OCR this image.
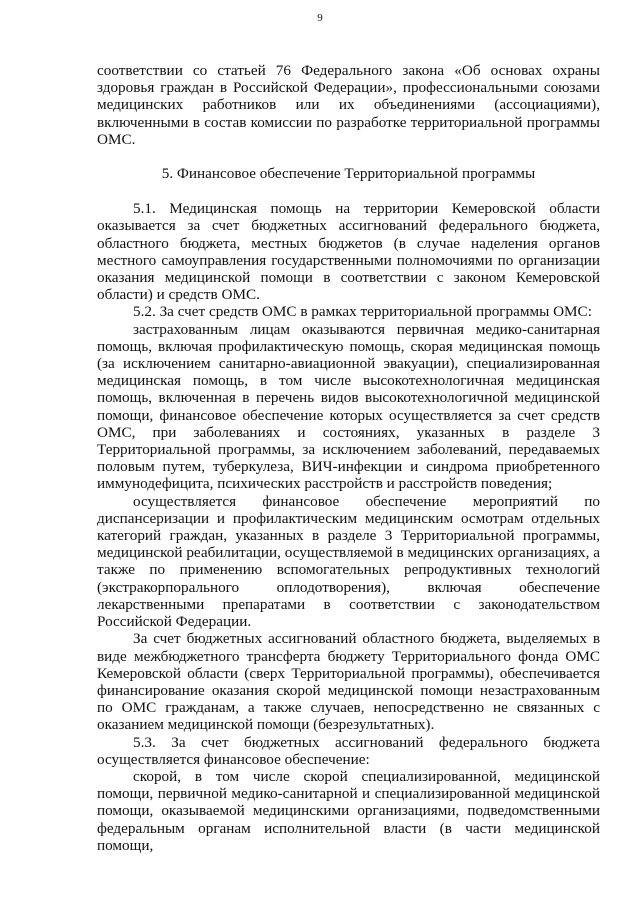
9

соответствии со статьей 76 Федерального закона «Об основах охраны здоровья граждан в Российской Федерации», профессиональными союзами медицинских работников или их объединениями (ассоциациями), включенными в состав комиссии по разработке территориальной программы ОМС.

5. Финансовое обеспечение Территориальной программы

5.1. Медицинская помощь на территории Кемеровской области оказывается за счет бюджетных ассигнований федерального бюджета, областного бюджета, местных бюджетов (в случае наделения органов местного самоуправления государственными полномочиями по организации оказания медицинской помощи в соответствии с законом Кемеровской области) и средств ОМС.

5.2. За счет средств ОМС в рамках территориальной программы ОМС:

застрахованным лицам оказываются первичная медико-санитарная помощь, включая профилактическую помощь, скорая медицинская помощь (за исключением санитарно-авиационной эвакуации), специализированная медицинская помощь, в том числе высокотехнологичная медицинская помощь, включенная в перечень видов высокотехнологичной медицинской помощи, финансовое обеспечение которых осуществляется за счет средств ОМС, при заболеваниях и состояниях, указанных в разделе 3 Территориальной программы, за исключением заболеваний, передаваемых половым путем, туберкулеза, ВИЧ-инфекции и синдрома приобретенного иммунодефицита, психических расстройств и расстройств поведения;

осуществляется финансовое обеспечение мероприятий по диспансеризации и профилактическим медицинским осмотрам отдельных категорий граждан, указанных в разделе 3 Территориальной программы, медицинской реабилитации, осуществляемой в медицинских организациях, а также по применению вспомогательных репродуктивных технологий (экстракорпорального оплодотворения), включая обеспечение лекарственными препаратами в соответствии с законодательством Российской Федерации.

За счет бюджетных ассигнований областного бюджета, выделяемых в виде межбюджетного трансферта бюджету Территориального фонда ОМС Кемеровской области (сверх Территориальной программы), обеспечивается финансирование оказания скорой медицинской помощи незастрахованным по ОМС гражданам, а также случаев, непосредственно не связанных с оказанием медицинской помощи (безрезультатных).

5.3. За счет бюджетных ассигнований федерального бюджета осуществляется финансовое обеспечение:

скорой, в том числе скорой специализированной, медицинской помощи, первичной медико-санитарной и специализированной медицинской помощи, оказываемой медицинскими организациями, подведомственными федеральным органам исполнительной власти (в части медицинской помощи,
